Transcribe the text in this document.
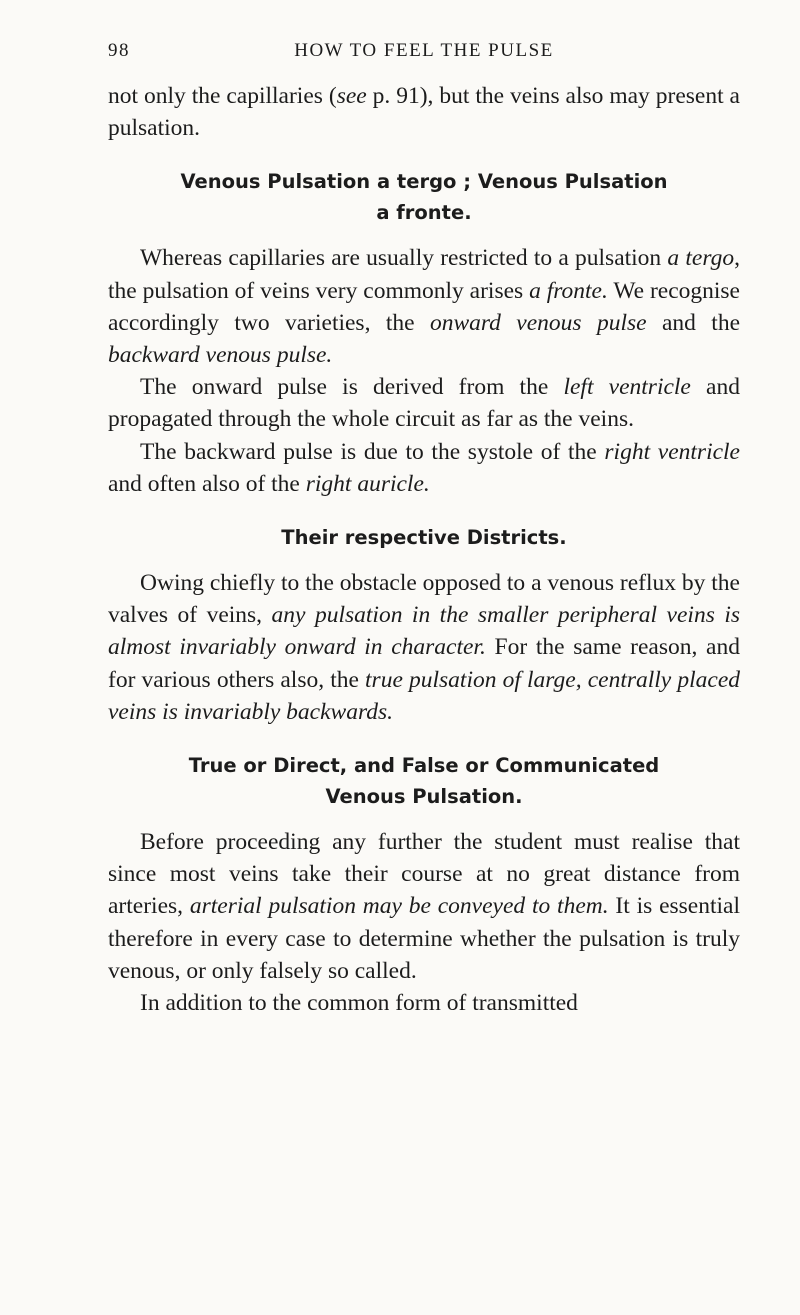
98	HOW TO FEEL THE PULSE

not only the capillaries (see p. 91), but the veins also may present a pulsation.

Venous Pulsation a tergo ; Venous Pulsation
a fronte.

Whereas capillaries are usually restricted to a pulsation a tergo, the pulsation of veins very commonly arises a fronte. We recognise accordingly two varieties, the onward venous pulse and the backward venous pulse.

The onward pulse is derived from the left ventricle and propagated through the whole circuit as far as the veins.

The backward pulse is due to the systole of the right ventricle and often also of the right auricle.

Their respective Districts.

Owing chiefly to the obstacle opposed to a venous reflux by the valves of veins, any pulsation in the smaller peripheral veins is almost invariably onward in character. For the same reason, and for various others also, the true pulsation of large, centrally placed veins is invariably backwards.

True or Direct, and False or Communicated
Venous Pulsation.

Before proceeding any further the student must realise that since most veins take their course at no great distance from arteries, arterial pulsation may be conveyed to them. It is essential therefore in every case to determine whether the pulsation is truly venous, or only falsely so called.

In addition to the common form of transmitted
